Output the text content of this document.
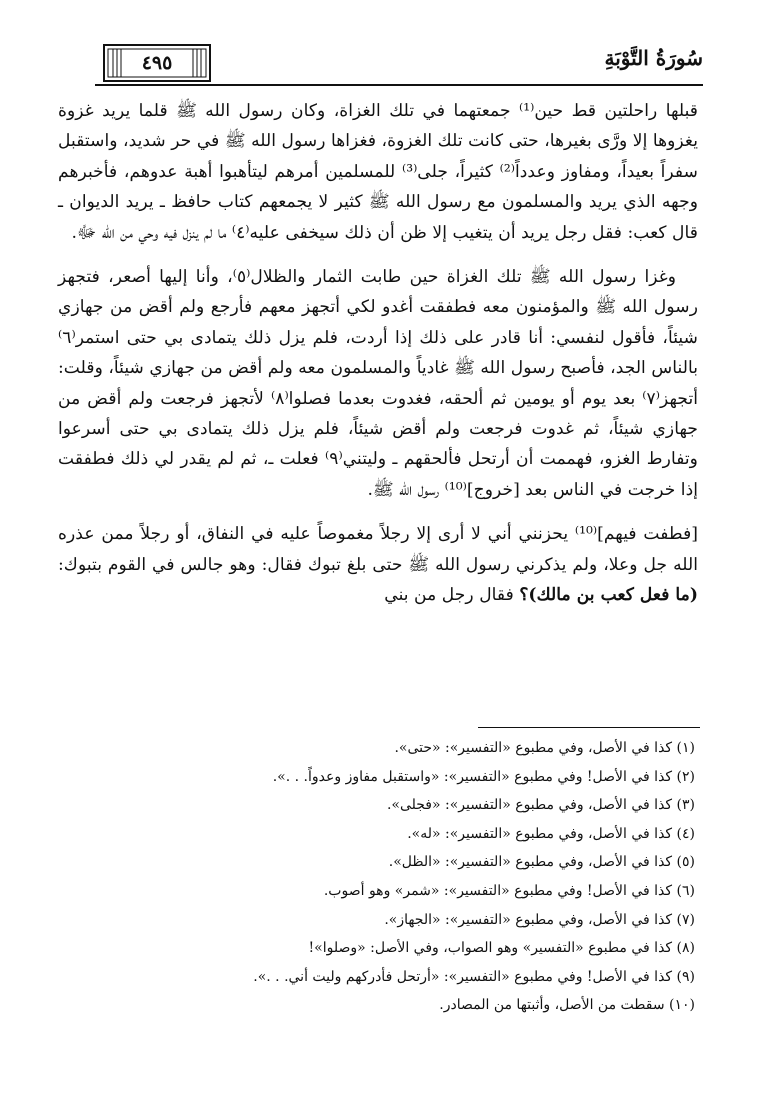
٤٩٥	سُورَةُ التَّوْبَةِ

قبلها راحلتين قط حين⁽¹⁾ جمعتهما في تلك الغزاة، وكان رسول الله ﷺ قلما يريد غزوة يغزوها إلا ورَّى بغيرها، حتى كانت تلك الغزوة، فغزاها رسول الله ﷺ في حر شديد، واستقبل سفراً بعيداً، ومفاوز وعدداً⁽²⁾ كثيراً، جلى⁽³⁾ للمسلمين أمرهم ليتأهبوا أهبة عدوهم، فأخبرهم وجهه الذي يريد والمسلمون مع رسول الله ﷺ كثير لا يجمعهم كتاب حافظ ـ يريد الديوان ـ قال كعب: فقل رجل يريد أن يتغيب إلا ظن أن ذلك سيخفى عليه⁽٤⁾ ما لم ينزل فيه وحي من الله ﷻ.

وغزا رسول الله ﷺ تلك الغزاة حين طابت الثمار والظلال⁽٥⁾، وأنا إليها أصعر، فتجهز رسول الله ﷺ والمؤمنون معه فطفقت أغدو لكي أتجهز معهم فأرجع ولم أقض من جهازي شيئاً، فأقول لنفسي: أنا قادر على ذلك إذا أردت، فلم يزل ذلك يتمادى بي حتى استمر⁽٦⁾ بالناس الجد، فأصبح رسول الله ﷺ غادياً والمسلمون معه ولم أقض من جهازي شيئاً، وقلت: أتجهز⁽٧⁾ بعد يوم أو يومين ثم ألحقه، فغدوت بعدما فصلوا⁽٨⁾ لأتجهز فرجعت ولم أقض من جهازي شيئاً، ثم غدوت فرجعت ولم أقض شيئاً، فلم يزل ذلك يتمادى بي حتى أسرعوا وتفارط الغزو، فهممت أن أرتحل فألحقهم ـ وليتني⁽٩⁾ فعلت ـ، ثم لم يقدر لي ذلك فطفقت إذا خرجت في الناس بعد [خروج]⁽¹⁰⁾ رسول الله ﷺ.

[فطفت فيهم]⁽¹⁰⁾ يحزنني أني لا أرى إلا رجلاً مغموصاً عليه في النفاق، أو رجلاً ممن عذره الله جل وعلا، ولم يذكرني رسول الله ﷺ حتى بلغ تبوك فقال: وهو جالس في القوم بتبوك: (ما فعل كعب بن مالك)؟ فقال رجل من بني

(١) كذا في الأصل، وفي مطبوع «التفسير»: «حتى».

(٢) كذا في الأصل! وفي مطبوع «التفسير»: «واستقبل مفاوز وعدواً. . .».

(٣) كذا في الأصل، وفي مطبوع «التفسير»: «فجلى».

(٤) كذا في الأصل، وفي مطبوع «التفسير»: «له».

(٥) كذا في الأصل، وفي مطبوع «التفسير»: «الظل».

(٦) كذا في الأصل! وفي مطبوع «التفسير»: «شمر» وهو أصوب.

(٧) كذا في الأصل، وفي مطبوع «التفسير»: «الجهاز».

(٨) كذا في مطبوع «التفسير» وهو الصواب، وفي الأصل: «وصلوا»!

(٩) كذا في الأصل! وفي مطبوع «التفسير»: «أرتحل فأدركهم وليت أني. . .».

(١٠) سقطت من الأصل، وأثبتها من المصادر.
